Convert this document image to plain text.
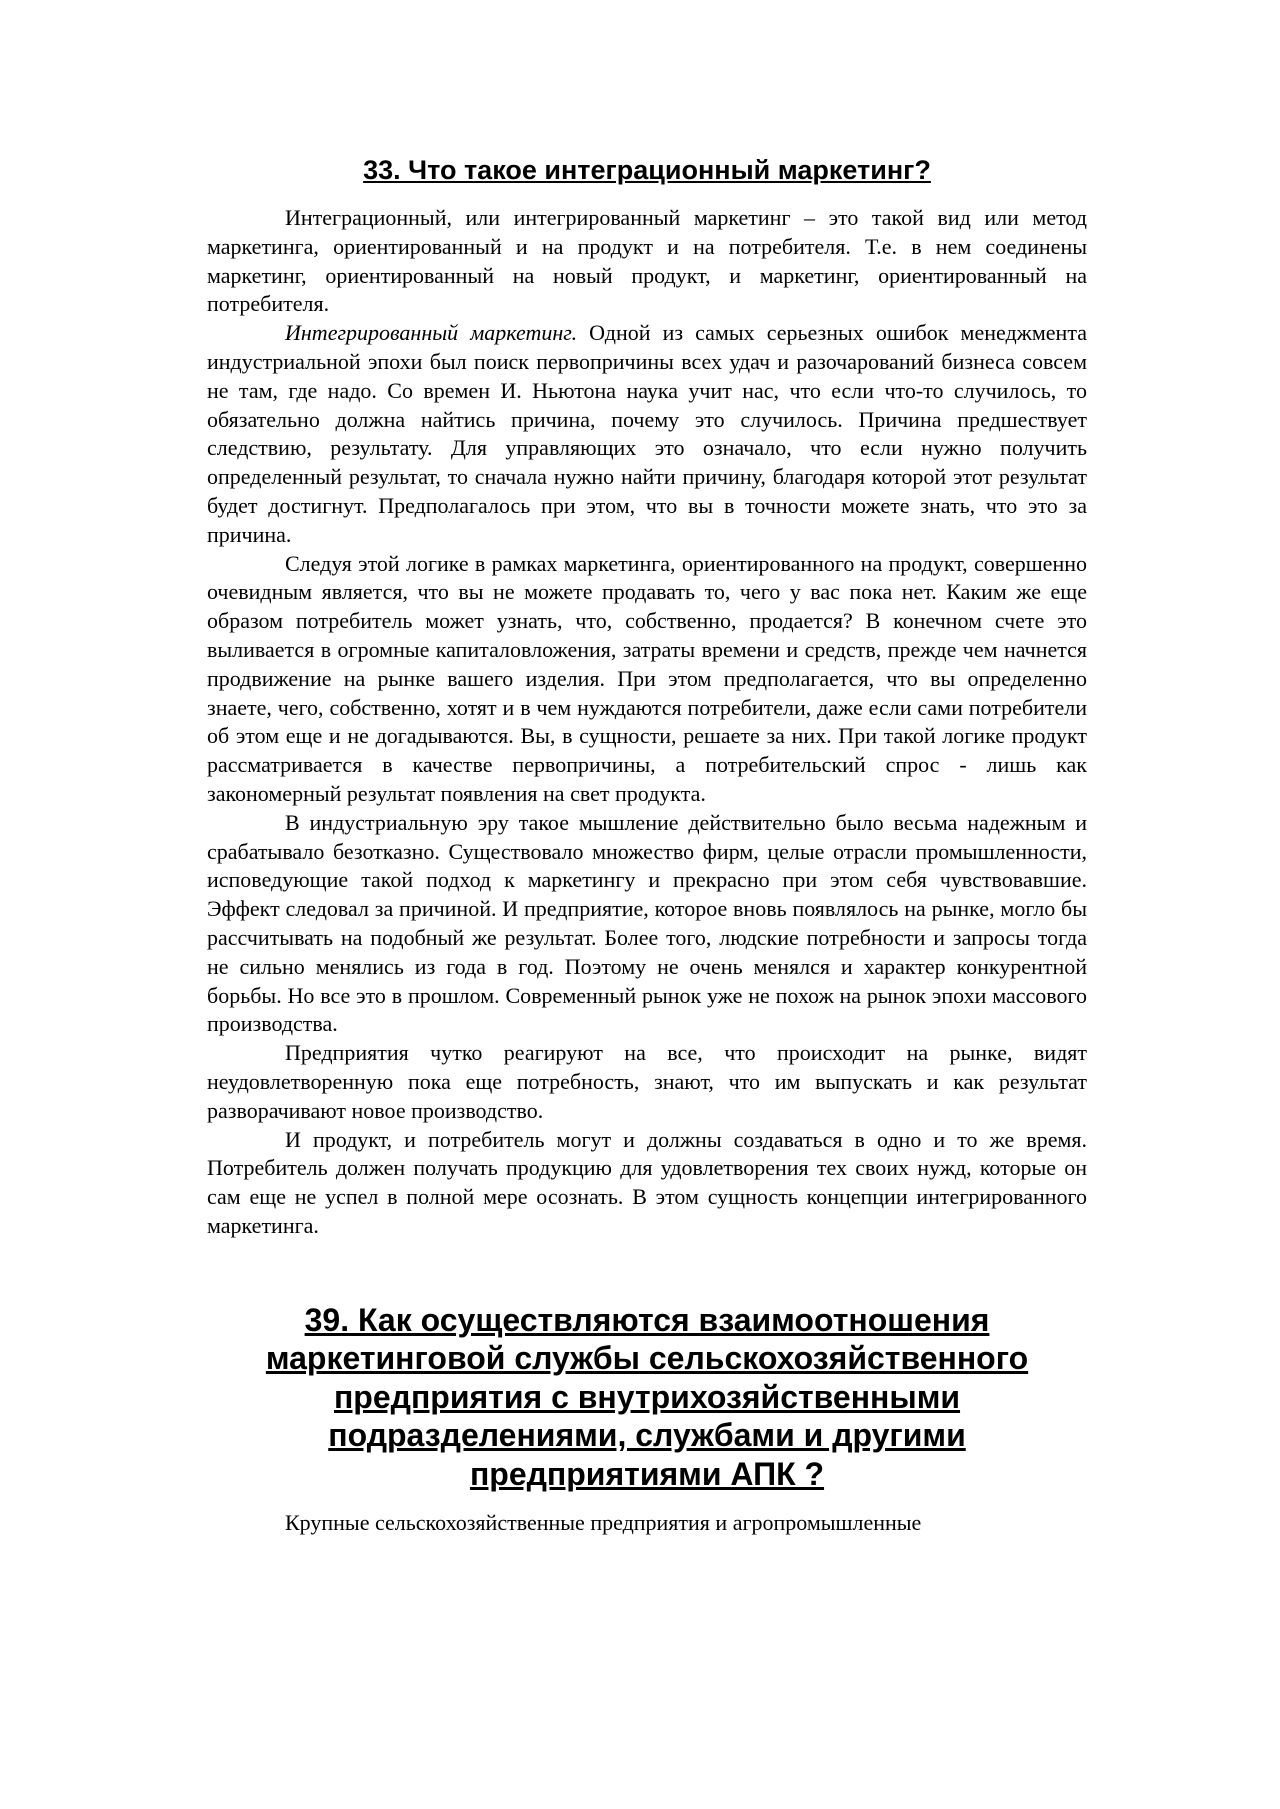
33. Что такое интеграционный маркетинг?

Интеграционный, или интегрированный маркетинг – это такой вид или метод маркетинга, ориентированный и на продукт и на потребителя. Т.е. в нем соединены маркетинг, ориентированный на новый продукт, и маркетинг, ориентированный на потребителя.

Интегрированный маркетинг. Одной из самых серьезных ошибок менеджмента индустриальной эпохи был поиск первопричины всех удач и разочарований бизнеса совсем не там, где надо. Со времен И. Ньютона наука учит нас, что если что-то случилось, то обязательно должна найтись причина, почему это случилось. Причина предшествует следствию, результату. Для управляющих это означало, что если нужно получить определенный результат, то сначала нужно найти причину, благодаря которой этот результат будет достигнут. Предполагалось при этом, что вы в точности можете знать, что это за причина.

Следуя этой логике в рамках маркетинга, ориентированного на продукт, совершенно очевидным является, что вы не можете продавать то, чего у вас пока нет. Каким же еще образом потребитель может узнать, что, собственно, продается? В конечном счете это выливается в огромные капиталовложения, затраты времени и средств, прежде чем начнется продвижение на рынке вашего изделия. При этом предполагается, что вы определенно знаете, чего, собственно, хотят и в чем нуждаются потребители, даже если сами потребители об этом еще и не догадываются. Вы, в сущности, решаете за них. При такой логике продукт рассматривается в качестве первопричины, а потребительский спрос - лишь как закономерный результат появления на свет продукта.

В индустриальную эру такое мышление действительно было весьма надежным и срабатывало безотказно. Существовало множество фирм, целые отрасли промышленности, исповедующие такой подход к маркетингу и прекрасно при этом себя чувствовавшие. Эффект следовал за причиной. И предприятие, которое вновь появлялось на рынке, могло бы рассчитывать на подобный же результат. Более того, людские потребности и запросы тогда не сильно менялись из года в год. Поэтому не очень менялся и характер конкурентной борьбы. Но все это в прошлом. Современный рынок уже не похож на рынок эпохи массового производства.

Предприятия чутко реагируют на все, что происходит на рынке, видят неудовлетворенную пока еще потребность, знают, что им выпускать и как результат разворачивают новое производство.

И продукт, и потребитель могут и должны создаваться в одно и то же время. Потребитель должен получать продукцию для удовлетворения тех своих нужд, которые он сам еще не успел в полной мере осознать. В этом сущность концепции интегрированного маркетинга.

39. Как осуществляются взаимоотношения маркетинговой службы сельскохозяйственного предприятия с внутрихозяйственными подразделениями, службами и другими предприятиями АПК ?

Крупные сельскохозяйственные предприятия и агропромышленные
